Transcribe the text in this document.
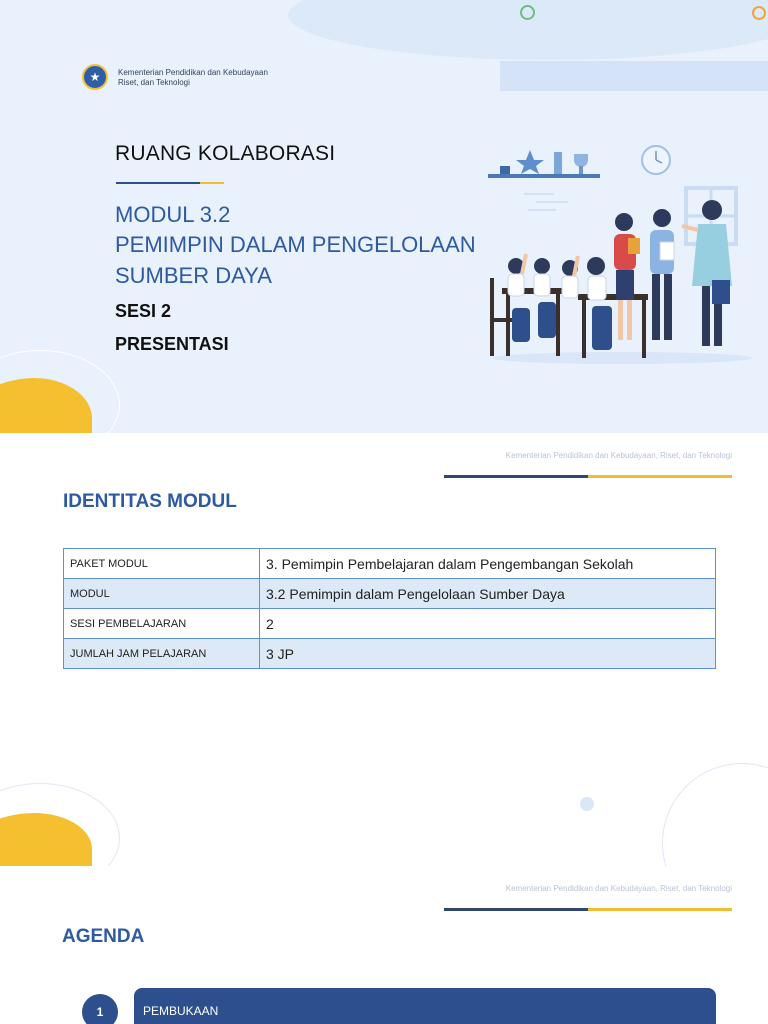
★	Kementerian Pendidikan dan Kebudayaan
Riset, dan Teknologi
RUANG KOLABORASI
MODUL 3.2
PEMIMPIN DALAM PENGELOLAAN
SUMBER DAYA
SESI 2
PRESENTASI
Kementerian Pendidikan dan Kebudayaan, Riset, dan Teknologi
IDENTITAS MODUL
PAKET MODUL	3. Pemimpin Pembelajaran dalam Pengembangan Sekolah
MODUL	3.2 Pemimpin dalam Pengelolaan Sumber Daya
SESI PEMBELAJARAN	2
JUMLAH JAM PELAJARAN	3 JP
Kementerian Pendidikan dan Kebudayaan, Riset, dan Teknologi
AGENDA
1	PEMBUKAAN
